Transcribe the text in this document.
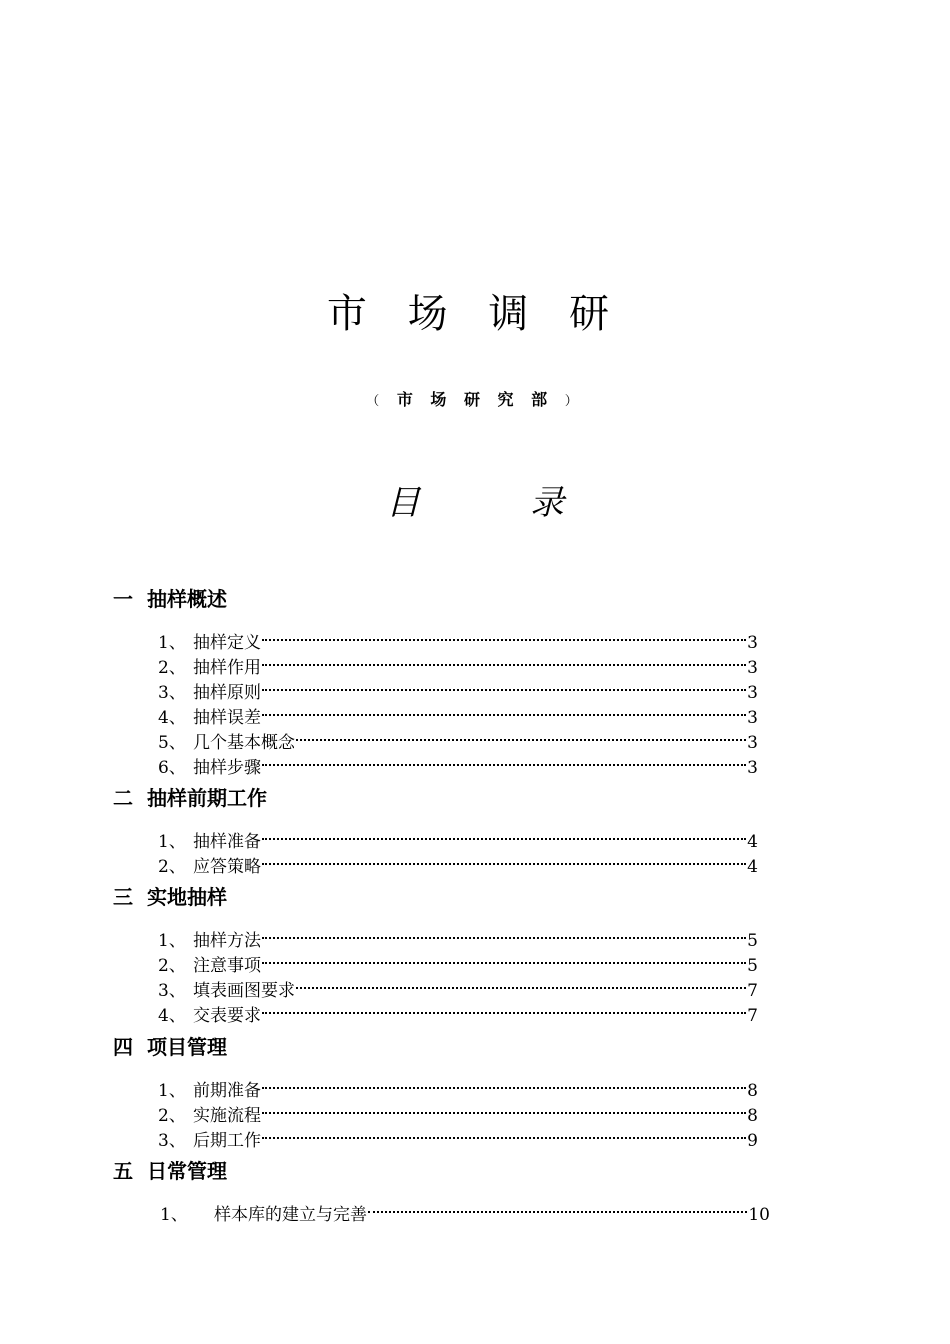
市 场 调 研
（ 市 场 研 究 部 ）
目	录
一 抽样概述
1、 抽样定义	3
2、 抽样作用	3
3、 抽样原则	3
4、 抽样误差	3
5、 几个基本概念	3
6、 抽样步骤	3
二 抽样前期工作
1、 抽样准备	4
2、 应答策略	4
三 实地抽样
1、 抽样方法	5
2、 注意事项	5
3、 填表画图要求	7
4、 交表要求	7
四 项目管理
1、 前期准备	8
2、 实施流程	8
3、 后期工作	9
五 日常管理
1、	样本库的建立与完善	10
